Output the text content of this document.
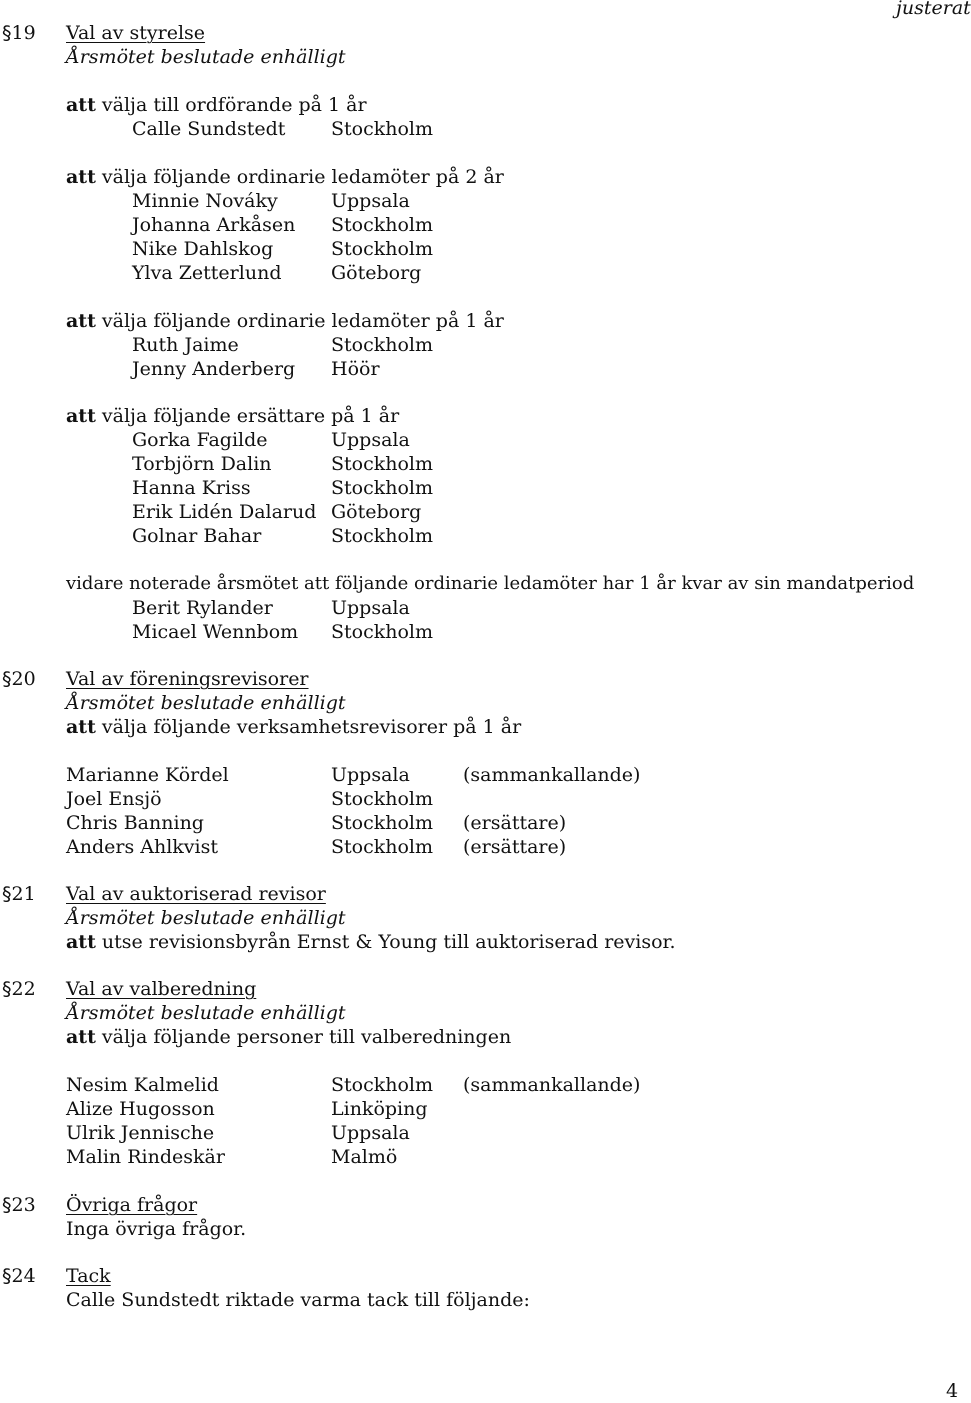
justerat
§19 Val av styrelse
Årsmötet beslutade enhälligt
att välja till ordförande på 1 år
Calle Sundstedt Stockholm
att välja följande ordinarie ledamöter på 2 år
Minnie Nováky	Uppsala
Johanna Arkåsen Stockholm
Nike Dahlskog	Stockholm
Ylva Zetterlund	Göteborg
att välja följande ordinarie ledamöter på 1 år
Ruth Jaime	Stockholm
Jenny Anderberg Höör
att välja följande ersättare på 1 år
Gorka Fagilde	Uppsala
Torbjörn Dalin	Stockholm
Hanna Kriss	Stockholm
Erik Lidén Dalarud Göteborg
Golnar Bahar	Stockholm
vidare noterade årsmötet att följande ordinarie ledamöter har 1 år kvar av sin mandatperiod
Berit Rylander	Uppsala
Micael Wennbom Stockholm
§20 Val av föreningsrevisorer
Årsmötet beslutade enhälligt
att välja följande verksamhetsrevisorer på 1 år
Marianne Kördel	Uppsala	(sammankallande)
Joel Ensjö	Stockholm
Chris Banning	Stockholm (ersättare)
Anders Ahlkvist	Stockholm (ersättare)
§21 Val av auktoriserad revisor
Årsmötet beslutade enhälligt
att utse revisionsbyrån Ernst & Young till auktoriserad revisor.
§22 Val av valberedning
Årsmötet beslutade enhälligt
att välja följande personer till valberedningen
Nesim Kalmelid	Stockholm (sammankallande)
Alize Hugosson	Linköping
Ulrik Jennische	Uppsala
Malin Rindeskär	Malmö
§23 Övriga frågor
Inga övriga frågor.
§24 Tack
Calle Sundstedt riktade varma tack till följande:
4
